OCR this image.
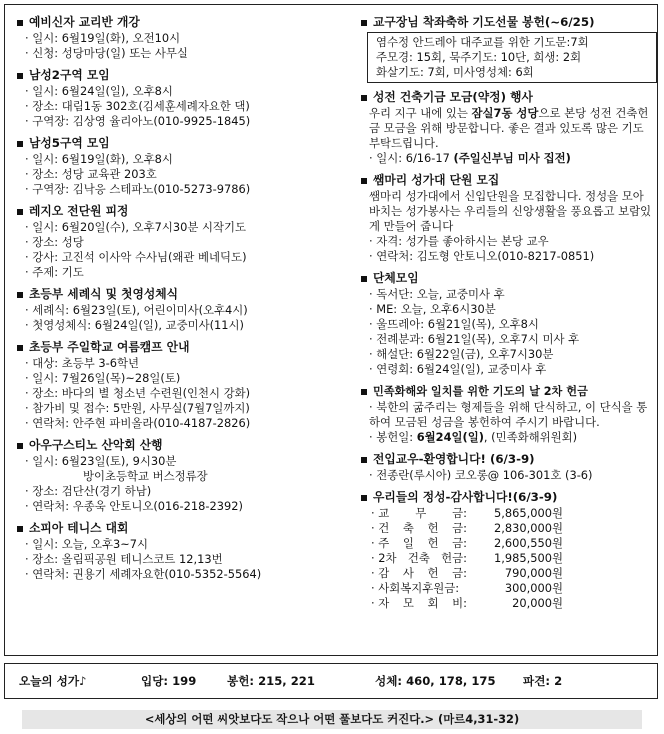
예비신자 교리반 개강
· 일시: 6월19일(화), 오전10시
· 신청: 성당마당(일) 또는 사무실
남성2구역 모임
· 일시: 6월24일(일), 오후8시
· 장소: 대림1동 302호(김세훈세례자요한 댁)
· 구역장: 김상영 율리아노(010-9925-1845)
남성5구역 모임
· 일시: 6월19일(화), 오후8시
· 장소: 성당 교육관 203호
· 구역장: 김낙응 스테파노(010-5273-9786)
레지오 전단원 피정
· 일시: 6월20일(수), 오후7시30분 시작기도
· 장소: 성당
· 강사: 고진석 이사악 수사님(왜관 베네딕도)
· 주제: 기도
초등부 세례식 및 첫영성체식
· 세례식: 6월23일(토), 어린이미사(오후4시)
· 첫영성체식: 6월24일(일), 교중미사(11시)
초등부 주일학교 여름캠프 안내
· 대상: 초등부 3-6학년
· 일시: 7월26일(목)~28일(토)
· 장소: 바다의 별 청소년 수련원(인천시 강화)
· 참가비 및 접수: 5만원, 사무실(7월7일까지)
· 연락처: 안주현 파비올라(010-4187-2826)
아우구스티노 산악회 산행
· 일시: 6월23일(토), 9시30분
방이초등학교 버스정류장
· 장소: 검단산(경기 하남)
· 연락처: 우종욱 안토니오(016-218-2392)
소피아 테니스 대회
· 일시: 오늘, 오후3~7시
· 장소: 올림픽공원 테니스코트 12,13번
· 연락처: 권용기 세례자요한(010-5352-5564)
교구장님 착좌축하 기도선물 봉헌(~6/25)
염수정 안드레아 대주교를 위한 기도문:7회
주모경: 15회, 묵주기도: 10단, 희생: 2회
화살기도: 7회, 미사영성체: 6회
성전 건축기금 모금(약정) 행사
우리 지구 내에 있는 잠실7동 성당으로 본당 성전 건축헌금 모금을 위해 방문합니다. 좋은 결과 있도록 많은 기도 부탁드립니다.
· 일시: 6/16-17 (주일신부님 미사 집전)
쌤마리 성가대 단원 모집
쌤마리 성가대에서 신입단원을 모집합니다. 정성을 모아 바치는 성가봉사는 우리들의 신앙생활을 풍요롭고 보람있게 만들어 줍니다
· 자격: 성가를 좋아하시는 본당 교우
· 연락처: 김도형 안토니오(010-8217-0851)
단체모임
· 독서단: 오늘, 교중미사 후
· ME: 오늘, 오후6시30분
· 울뜨레아: 6월21일(목), 오후8시
· 전례분과: 6월21일(목), 오후7시 미사 후
· 해설단: 6월22일(금), 오후7시30분
· 연령회: 6월24일(일), 교중미사 후
민족화해와 일치를 위한 기도의 날 2차 헌금
· 북한의 굶주리는 형제들을 위해 단식하고, 이 단식을 통하여 모금된 성금을 봉헌하여 주시기 바랍니다.
· 봉헌일: 6월24일(일), (민족화해위원회)
전입교우-환영합니다! (6/3-9)
· 전종란(루시아) 코오롱@ 106-301호 (3-6)
우리들의 정성-감사합니다!(6/3-9)
· 교 무 금:	5,865,000원
· 건 축 헌 금:	2,830,000원
· 주 일 헌 금:	2,600,550원
· 2차 건축 헌금:	1,985,500원
· 감 사 헌 금:	790,000원
· 사회복지후원금:	300,000원
· 자 모 회 비:	20,000원
오늘의 성가♪	입당: 199	봉헌: 215, 221	성체: 460, 178, 175	파견: 2
<세상의 어떤 씨앗보다도 작으나 어떤 풀보다도 커진다.> (마르4,31-32)
